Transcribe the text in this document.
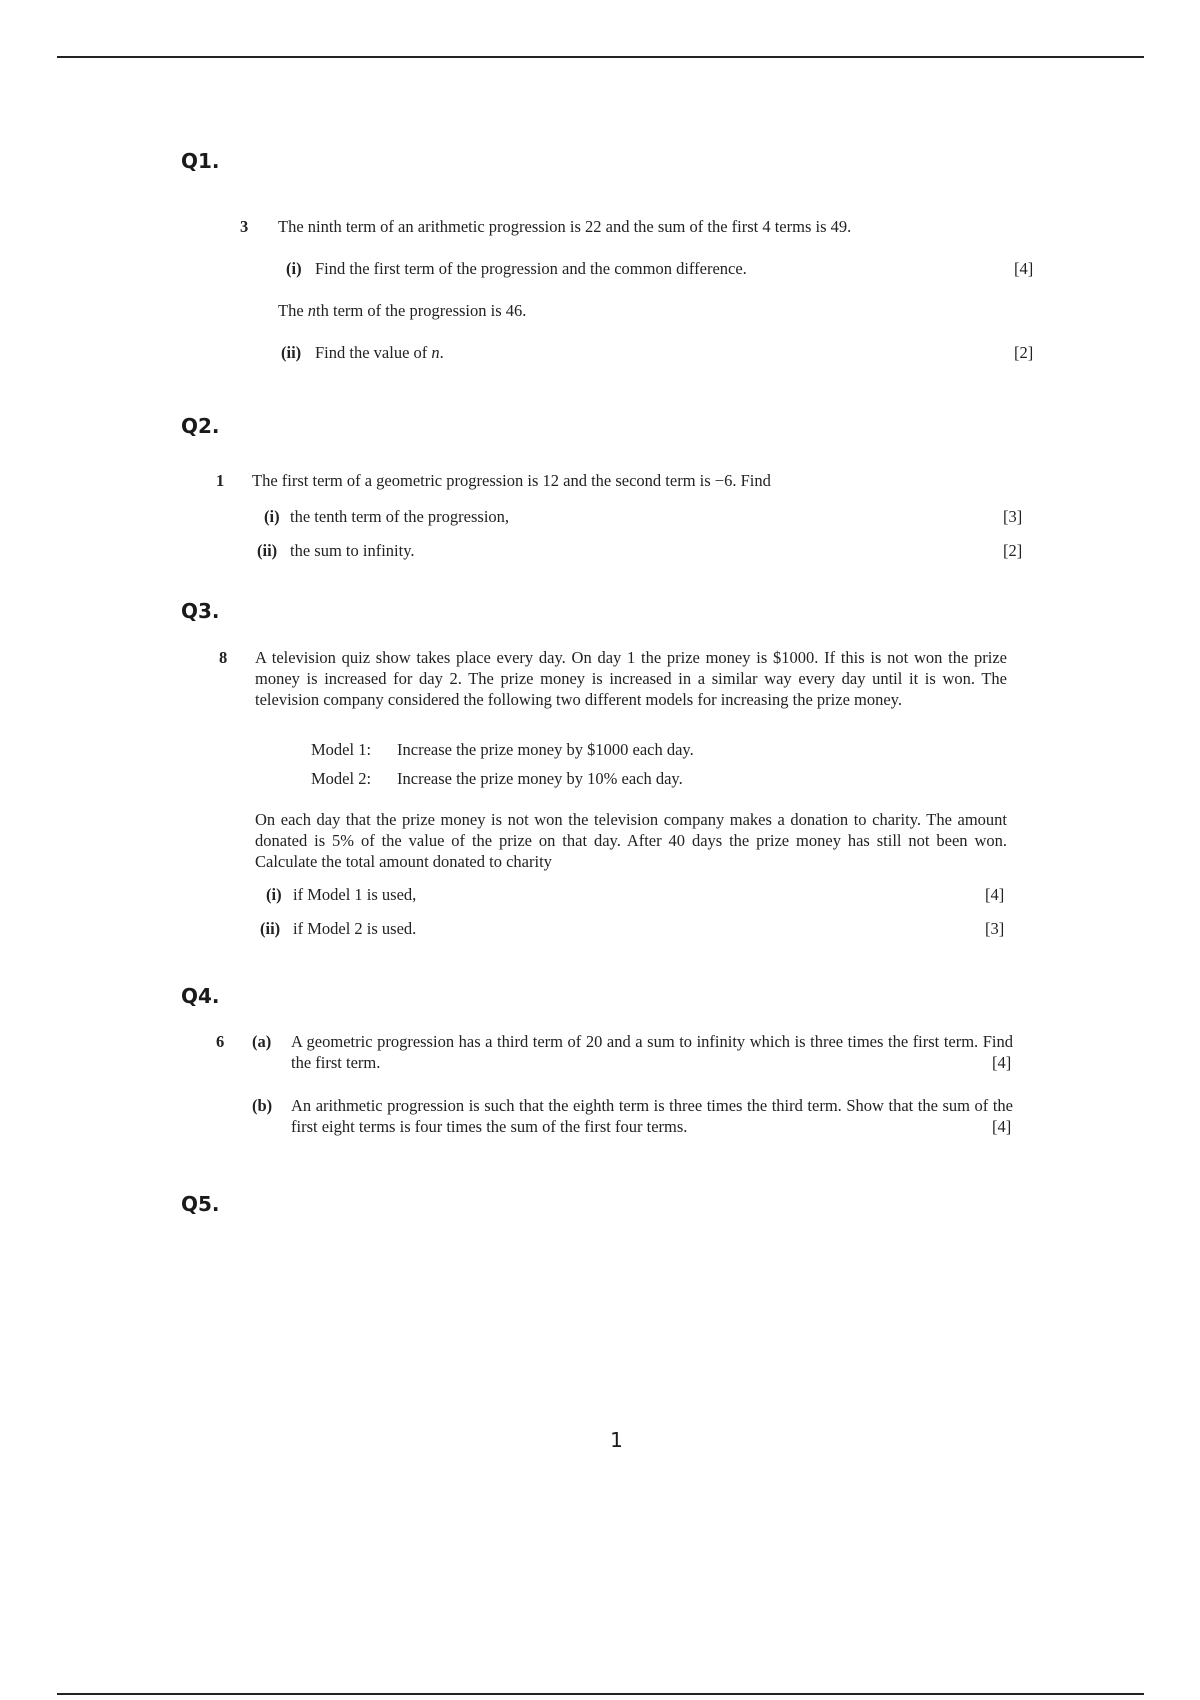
Q1.
3 The ninth term of an arithmetic progression is 22 and the sum of the first 4 terms is 49.
(i) Find the first term of the progression and the common difference.	[4]
The nth term of the progression is 46.
(ii) Find the value of n.	[2]
Q2.
1 The first term of a geometric progression is 12 and the second term is −6. Find
(i) the tenth term of the progression,	[3]
(ii) the sum to infinity.	[2]
Q3.
8 A television quiz show takes place every day. On day 1 the prize money is $1000. If this is not won the prize money is increased for day 2. The prize money is increased in a similar way every day until it is won. The television company considered the following two different models for increasing the prize money.
Model 1: Increase the prize money by $1000 each day.
Model 2: Increase the prize money by 10% each day.
On each day that the prize money is not won the television company makes a donation to charity. The amount donated is 5% of the value of the prize on that day. After 40 days the prize money has still not been won. Calculate the total amount donated to charity
(i) if Model 1 is used,	[4]
(ii) if Model 2 is used.	[3]
Q4.
6 (a) A geometric progression has a third term of 20 and a sum to infinity which is three times the first term. Find the first term.	[4]
(b) An arithmetic progression is such that the eighth term is three times the third term. Show that the sum of the first eight terms is four times the sum of the first four terms.	[4]
Q5.
1
